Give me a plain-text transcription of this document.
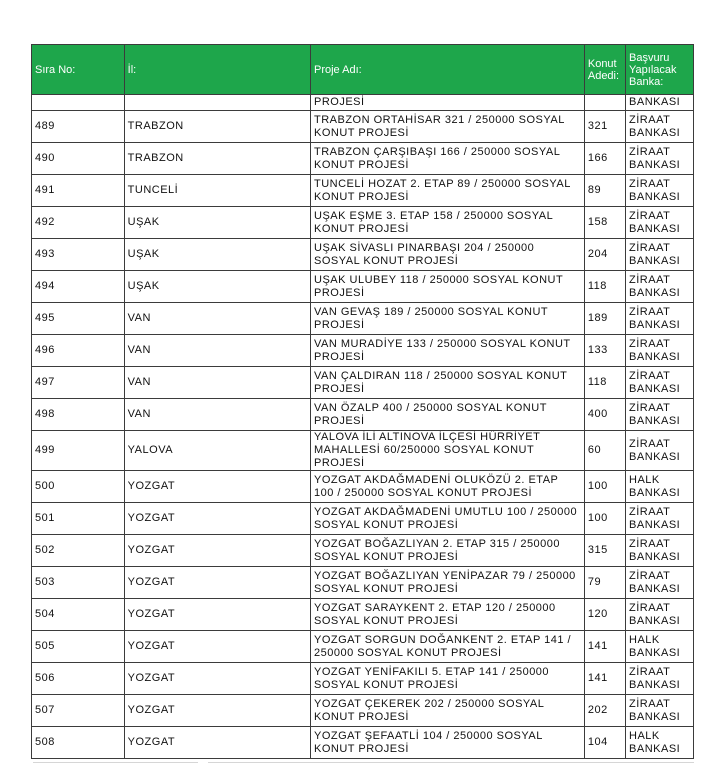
Sıra No:	İl:	Proje Adı:	Konut Adedi:	Başvuru Yapılacak Banka:
		PROJESİ		BANKASI
489	TRABZON	TRABZON ORTAHİSAR 321 / 250000 SOSYAL KONUT PROJESİ	321	ZİRAAT BANKASI
490	TRABZON	TRABZON ÇARŞIBAŞI 166 / 250000 SOSYAL KONUT PROJESİ	166	ZİRAAT BANKASI
491	TUNCELİ	TUNCELİ HOZAT 2. ETAP 89 / 250000 SOSYAL KONUT PROJESİ	89	ZİRAAT BANKASI
492	UŞAK	UŞAK EŞME 3. ETAP 158 / 250000 SOSYAL KONUT PROJESİ	158	ZİRAAT BANKASI
493	UŞAK	UŞAK SİVASLI PINARBAŞI 204 / 250000 SOSYAL KONUT PROJESİ	204	ZİRAAT BANKASI
494	UŞAK	UŞAK ULUBEY 118 / 250000 SOSYAL KONUT PROJESİ	118	ZİRAAT BANKASI
495	VAN	VAN GEVAŞ 189 / 250000 SOSYAL KONUT PROJESİ	189	ZİRAAT BANKASI
496	VAN	VAN MURADİYE 133 / 250000 SOSYAL KONUT PROJESİ	133	ZİRAAT BANKASI
497	VAN	VAN ÇALDIRAN 118 / 250000 SOSYAL KONUT PROJESİ	118	ZİRAAT BANKASI
498	VAN	VAN ÖZALP 400 / 250000 SOSYAL KONUT PROJESİ	400	ZİRAAT BANKASI
499	YALOVA	YALOVA İLİ ALTINOVA İLÇESİ HÜRRİYET MAHALLESİ 60/250000 SOSYAL KONUT PROJESİ	60	ZİRAAT BANKASI
500	YOZGAT	YOZGAT AKDAĞMADENİ OLUKÖZÜ 2. ETAP 100 / 250000 SOSYAL KONUT PROJESİ	100	HALK BANKASI
501	YOZGAT	YOZGAT AKDAĞMADENİ UMUTLU 100 / 250000 SOSYAL KONUT PROJESİ	100	ZİRAAT BANKASI
502	YOZGAT	YOZGAT BOĞAZLIYAN 2. ETAP 315 / 250000 SOSYAL KONUT PROJESİ	315	ZİRAAT BANKASI
503	YOZGAT	YOZGAT BOĞAZLIYAN YENİPAZAR 79 / 250000 SOSYAL KONUT PROJESİ	79	ZİRAAT BANKASI
504	YOZGAT	YOZGAT SARAYKENT 2. ETAP 120 / 250000 SOSYAL KONUT PROJESİ	120	ZİRAAT BANKASI
505	YOZGAT	YOZGAT SORGUN DOĞANKENT 2. ETAP 141 / 250000 SOSYAL KONUT PROJESİ	141	HALK BANKASI
506	YOZGAT	YOZGAT YENİFAKILI 5. ETAP 141 / 250000 SOSYAL KONUT PROJESİ	141	ZİRAAT BANKASI
507	YOZGAT	YOZGAT ÇEKEREK 202 / 250000 SOSYAL KONUT PROJESİ	202	ZİRAAT BANKASI
508	YOZGAT	YOZGAT ŞEFAATLİ 104 / 250000 SOSYAL KONUT PROJESİ	104	HALK BANKASI
